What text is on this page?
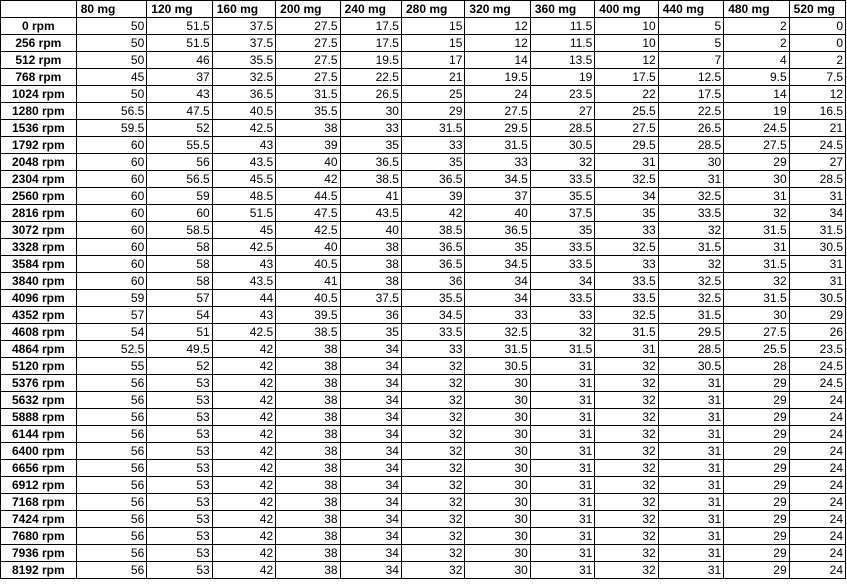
	80 mg	120 mg	160 mg	200 mg	240 mg	280 mg	320 mg	360 mg	400 mg	440 mg	480 mg	520 mg
0 rpm	50	51.5	37.5	27.5	17.5	15	12	11.5	10	5	2	0
256 rpm	50	51.5	37.5	27.5	17.5	15	12	11.5	10	5	2	0
512 rpm	50	46	35.5	27.5	19.5	17	14	13.5	12	7	4	2
768 rpm	45	37	32.5	27.5	22.5	21	19.5	19	17.5	12.5	9.5	7.5
1024 rpm	50	43	36.5	31.5	26.5	25	24	23.5	22	17.5	14	12
1280 rpm	56.5	47.5	40.5	35.5	30	29	27.5	27	25.5	22.5	19	16.5
1536 rpm	59.5	52	42.5	38	33	31.5	29.5	28.5	27.5	26.5	24.5	21
1792 rpm	60	55.5	43	39	35	33	31.5	30.5	29.5	28.5	27.5	24.5
2048 rpm	60	56	43.5	40	36.5	35	33	32	31	30	29	27
2304 rpm	60	56.5	45.5	42	38.5	36.5	34.5	33.5	32.5	31	30	28.5
2560 rpm	60	59	48.5	44.5	41	39	37	35.5	34	32.5	31	31
2816 rpm	60	60	51.5	47.5	43.5	42	40	37.5	35	33.5	32	34
3072 rpm	60	58.5	45	42.5	40	38.5	36.5	35	33	32	31.5	31.5
3328 rpm	60	58	42.5	40	38	36.5	35	33.5	32.5	31.5	31	30.5
3584 rpm	60	58	43	40.5	38	36.5	34.5	33.5	33	32	31.5	31
3840 rpm	60	58	43.5	41	38	36	34	34	33.5	32.5	32	31
4096 rpm	59	57	44	40.5	37.5	35.5	34	33.5	33.5	32.5	31.5	30.5
4352 rpm	57	54	43	39.5	36	34.5	33	33	32.5	31.5	30	29
4608 rpm	54	51	42.5	38.5	35	33.5	32.5	32	31.5	29.5	27.5	26
4864 rpm	52.5	49.5	42	38	34	33	31.5	31.5	31	28.5	25.5	23.5
5120 rpm	55	52	42	38	34	32	30.5	31	32	30.5	28	24.5
5376 rpm	56	53	42	38	34	32	30	31	32	31	29	24.5
5632 rpm	56	53	42	38	34	32	30	31	32	31	29	24
5888 rpm	56	53	42	38	34	32	30	31	32	31	29	24
6144 rpm	56	53	42	38	34	32	30	31	32	31	29	24
6400 rpm	56	53	42	38	34	32	30	31	32	31	29	24
6656 rpm	56	53	42	38	34	32	30	31	32	31	29	24
6912 rpm	56	53	42	38	34	32	30	31	32	31	29	24
7168 rpm	56	53	42	38	34	32	30	31	32	31	29	24
7424 rpm	56	53	42	38	34	32	30	31	32	31	29	24
7680 rpm	56	53	42	38	34	32	30	31	32	31	29	24
7936 rpm	56	53	42	38	34	32	30	31	32	31	29	24
8192 rpm	56	53	42	38	34	32	30	31	32	31	29	24
